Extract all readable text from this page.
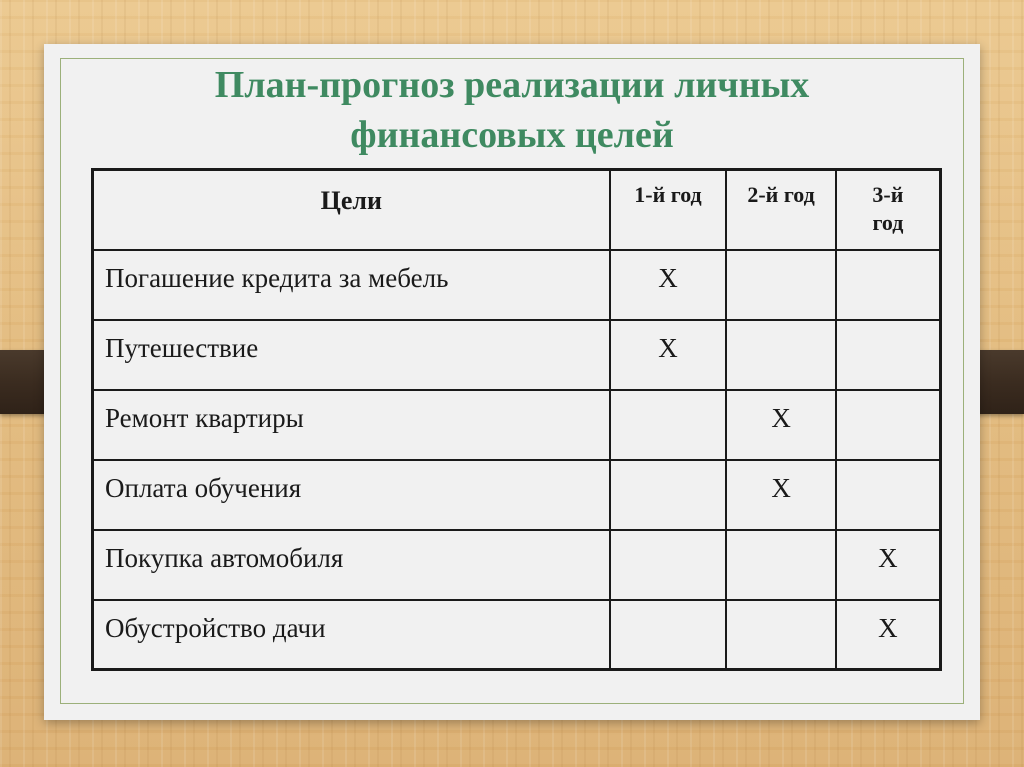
План-прогноз реализации личных
финансовых целей
Цели	1-й год	2-й год	3-й
год
Погашение кредита за мебель	Х		
Путешествие	Х		
Ремонт квартиры		Х	
Оплата обучения		Х	
Покупка автомобиля			Х
Обустройство дачи			Х
